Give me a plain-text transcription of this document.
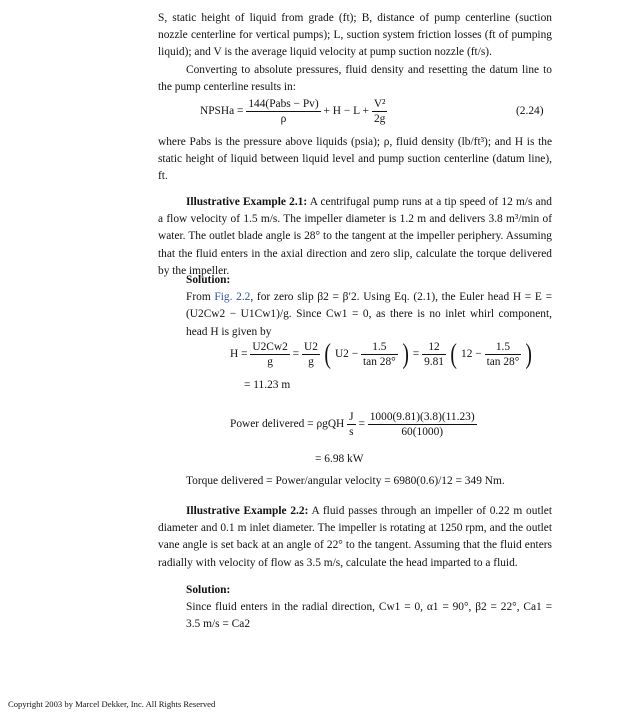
S, static height of liquid from grade (ft); B, distance of pump centerline (suction nozzle centerline for vertical pumps); L, suction system friction losses (ft of pumping liquid); and V is the average liquid velocity at pump suction nozzle (ft/s).
Converting to absolute pressures, fluid density and resetting the datum line to the pump centerline results in:
NPSHa = $\frac{\text{144(Pabs − Pv)}}{\rho} + H - L + \frac{\text{V²}}{2g}$	(2.24)
where Pabs is the pressure above liquids (psia); ρ, fluid density (lb/ft³); and H is the static height of liquid between liquid level and pump suction centerline (datum line), ft.
Illustrative Example 2.1: A centrifugal pump runs at a tip speed of 12 m/s and a flow velocity of 1.5 m/s. The impeller diameter is 1.2 m and delivers 3.8 m³/min of water. The outlet blade angle is 28° to the tangent at the impeller periphery. Assuming that the fluid enters in the axial direction and zero slip, calculate the torque delivered by the impeller.
Solution:
From Fig. 2.2, for zero slip β2 = β′2. Using Eq. (2.1), the Euler head H = E = (U2Cw2 − U1Cw1)/g. Since Cw1 = 0, as there is no inlet whirl component, head H is given by
$H = \frac{U2Cw2}{g} = \frac{U2}{g}$ ( $U2 - \frac{1.5}{\tan 28^\circ}$ ) = $\frac{12}{9.81}$ ( $12 - \frac{1.5}{\tan 28^\circ}$ )
= 11.23 m
Power delivered = ρgQH $\frac{J}{s} = \frac{1000(9.81)(3.8)(11.23)}{60(1000)}$
= 6.98 kW
Torque delivered = Power/angular velocity = 6980(0.6)/12 = 349 Nm.
Illustrative Example 2.2: A fluid passes through an impeller of 0.22 m outlet diameter and 0.1 m inlet diameter. The impeller is rotating at 1250 rpm, and the outlet vane angle is set back at an angle of 22° to the tangent. Assuming that the fluid enters radially with velocity of flow as 3.5 m/s, calculate the head imparted to a fluid.
Solution:
Since fluid enters in the radial direction, Cw1 = 0, α1 = 90°, β2 = 22°, Ca1 = 3.5 m/s = Ca2
Copyright 2003 by Marcel Dekker, Inc. All Rights Reserved
